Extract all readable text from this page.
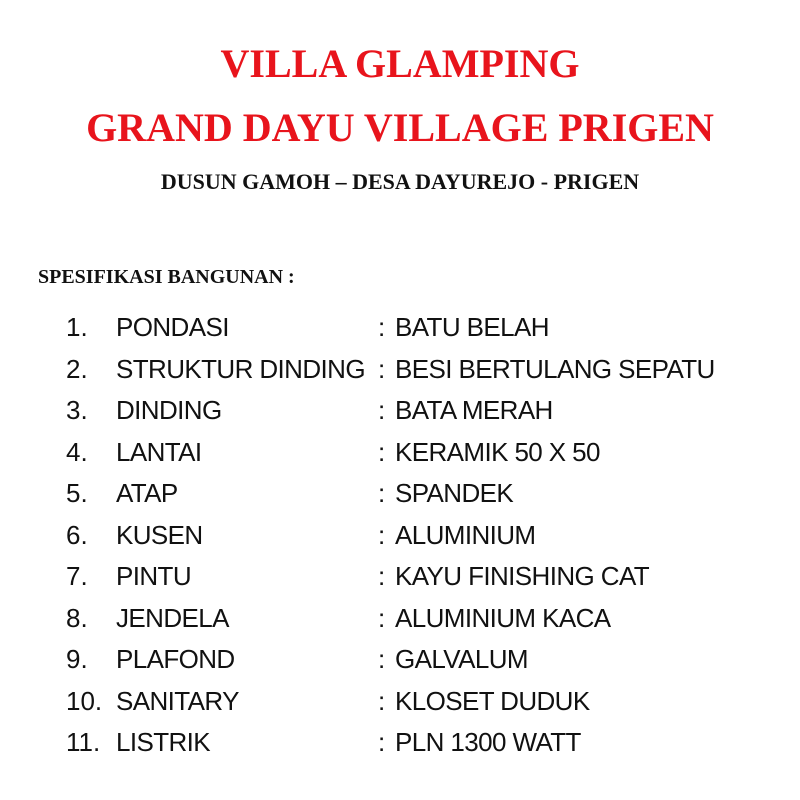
VILLA GLAMPING
GRAND DAYU VILLAGE PRIGEN
DUSUN GAMOH – DESA DAYUREJO - PRIGEN
SPESIFIKASI BANGUNAN :
1. PONDASI	: BATU BELAH
2. STRUKTUR DINDING : BESI BERTULANG SEPATU
3. DINDING	: BATA MERAH
4. LANTAI	: KERAMIK 50 X 50
5. ATAP	: SPANDEK
6. KUSEN	: ALUMINIUM
7. PINTU	: KAYU FINISHING CAT
8. JENDELA	: ALUMINIUM KACA
9. PLAFOND	: GALVALUM
10. SANITARY	: KLOSET DUDUK
11. LISTRIK	: PLN 1300 WATT
